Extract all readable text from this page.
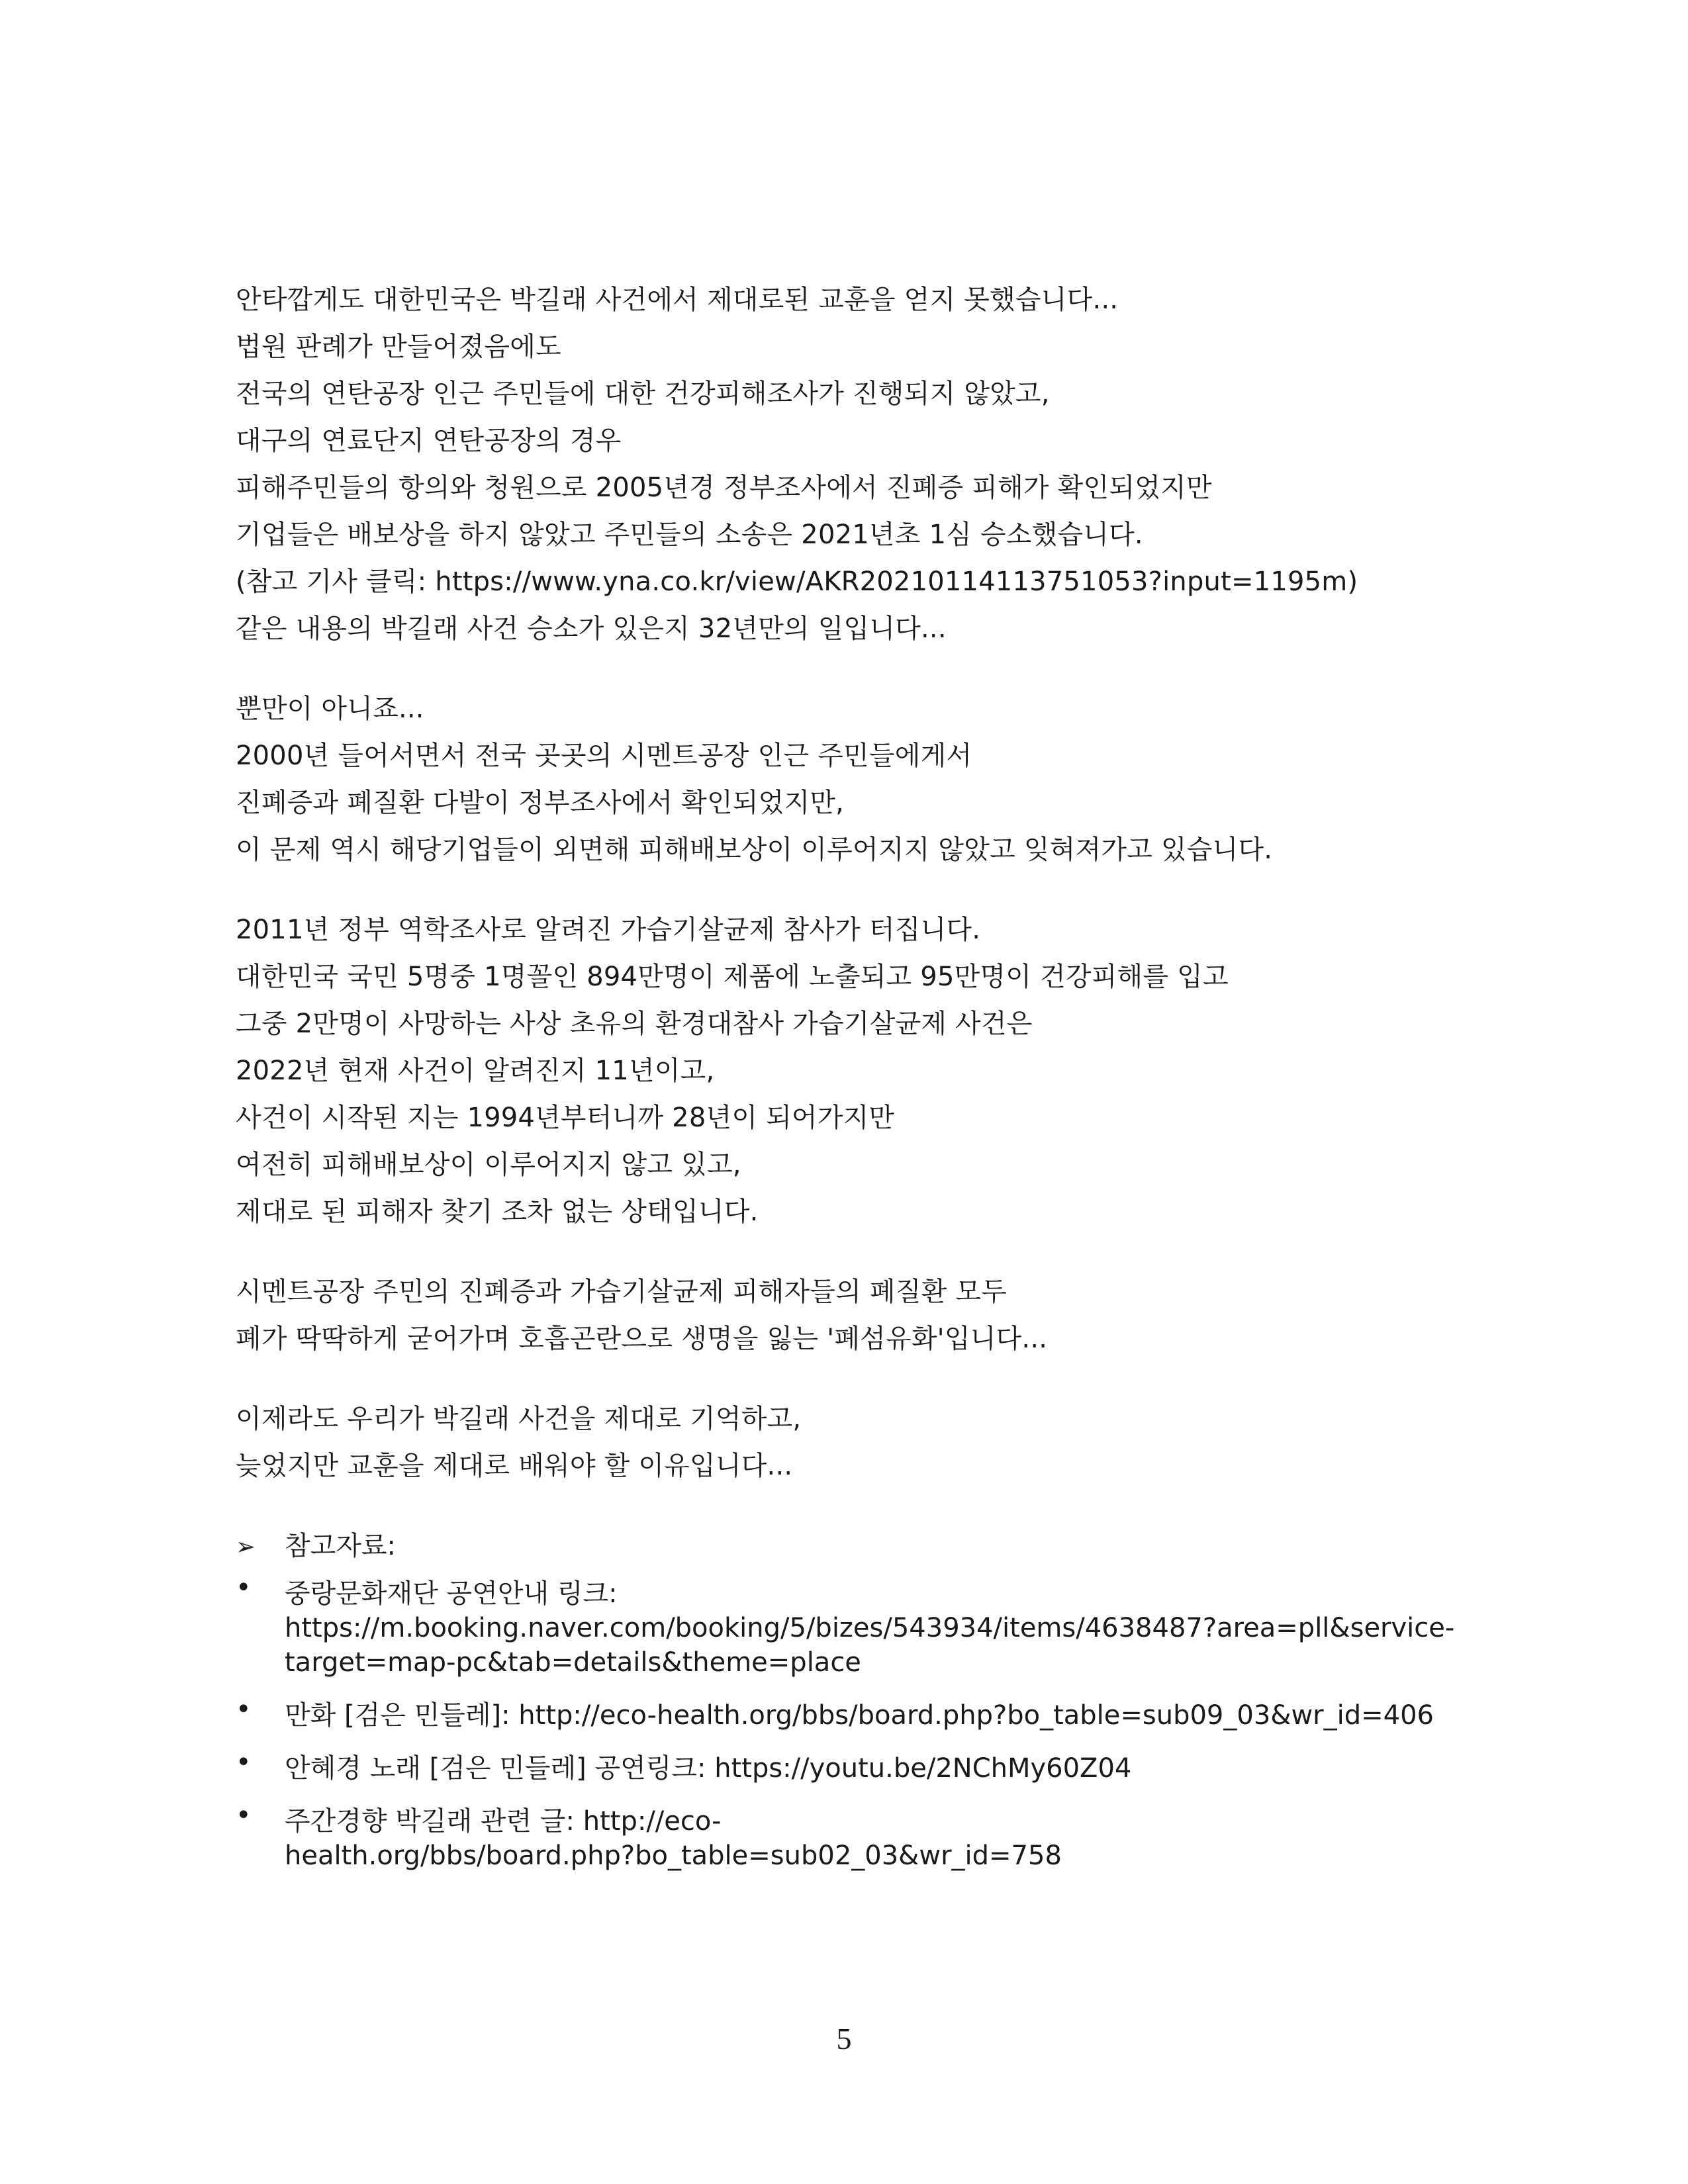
안타깝게도 대한민국은 박길래 사건에서 제대로된 교훈을 얻지 못했습니다...
법원 판례가 만들어졌음에도
전국의 연탄공장 인근 주민들에 대한 건강피해조사가 진행되지 않았고,
대구의 연료단지 연탄공장의 경우
피해주민들의 항의와 청원으로 2005년경 정부조사에서 진폐증 피해가 확인되었지만
기업들은 배보상을 하지 않았고 주민들의 소송은 2021년초 1심 승소했습니다.
(참고 기사 클릭: https://www.yna.co.kr/view/AKR20210114113751053?input=1195m)
같은 내용의 박길래 사건 승소가 있은지 32년만의 일입니다...
뿐만이 아니죠...
2000년 들어서면서 전국 곳곳의 시멘트공장 인근 주민들에게서
진폐증과 폐질환 다발이 정부조사에서 확인되었지만,
이 문제 역시 해당기업들이 외면해 피해배보상이 이루어지지 않았고 잊혀져가고 있습니다.
2011년 정부 역학조사로 알려진 가습기살균제 참사가 터집니다.
대한민국 국민 5명중 1명꼴인 894만명이 제품에 노출되고 95만명이 건강피해를 입고
그중 2만명이 사망하는 사상 초유의 환경대참사 가습기살균제 사건은
2022년 현재 사건이 알려진지 11년이고,
사건이 시작된 지는 1994년부터니까 28년이 되어가지만
여전히 피해배보상이 이루어지지 않고 있고,
제대로 된 피해자 찾기 조차 없는 상태입니다.
시멘트공장 주민의 진폐증과 가습기살균제 피해자들의 폐질환 모두
폐가 딱딱하게 굳어가며 호흡곤란으로 생명을 잃는 '폐섬유화'입니다...
이제라도 우리가 박길래 사건을 제대로 기억하고,
늦었지만 교훈을 제대로 배워야 할 이유입니다...
➢	참고자료:
•	중랑문화재단 공연안내 링크:
https://m.booking.naver.com/booking/5/bizes/543934/items/4638487?area=pll&service-
target=map-pc&tab=details&theme=place
•	만화 [검은 민들레]: http://eco-health.org/bbs/board.php?bo_table=sub09_03&wr_id=406
•	안혜경 노래 [검은 민들레] 공연링크: https://youtu.be/2NChMy60Z04
•	주간경향 박길래 관련 글: http://eco-
health.org/bbs/board.php?bo_table=sub02_03&wr_id=758
5
